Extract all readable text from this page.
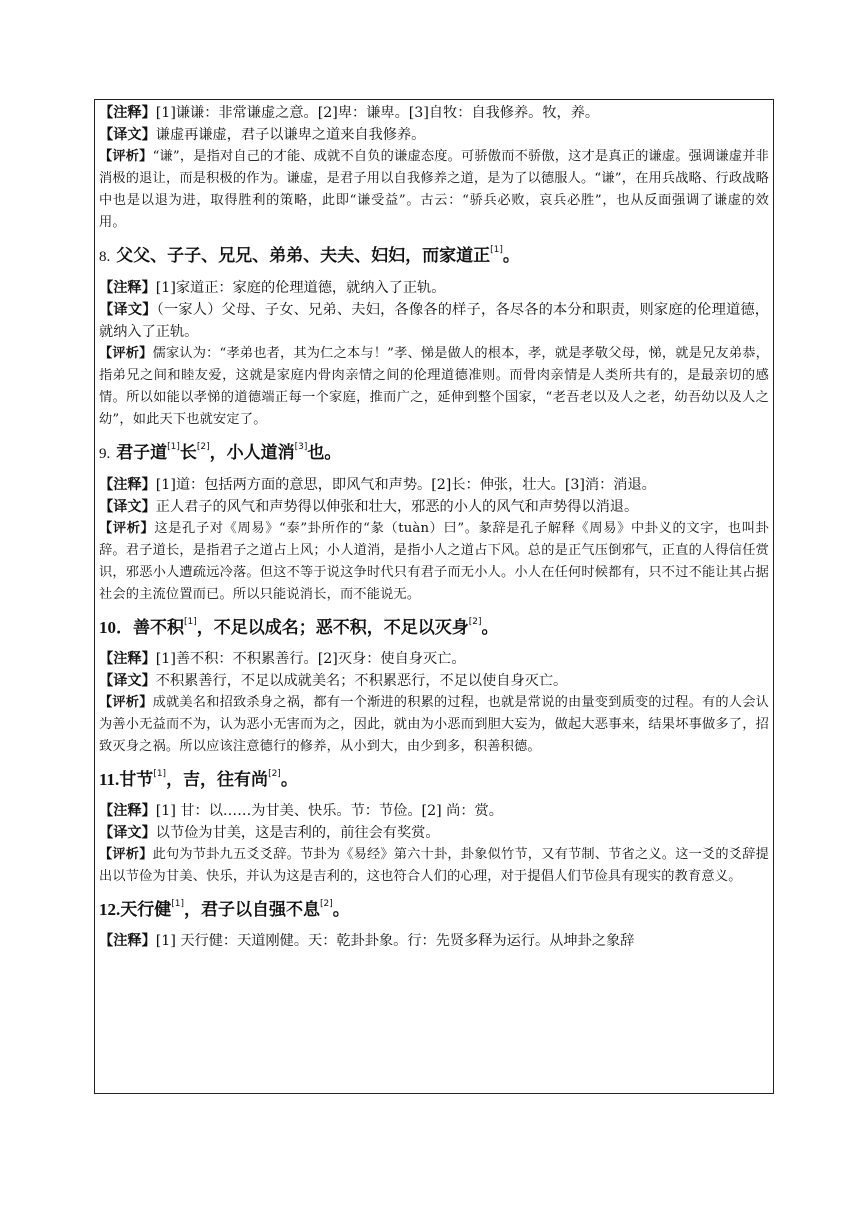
【注释】[1]谦谦：非常谦虚之意。[2]卑：谦卑。[3]自牧：自我修养。牧，养。

【译文】谦虚再谦虚，君子以谦卑之道来自我修养。

【评析】“谦”，是指对自己的才能、成就不自负的谦虚态度。可骄傲而不骄傲，这才是真正的谦虚。强调谦虚并非消极的退让，而是积极的作为。谦虚，是君子用以自我修养之道，是为了以德服人。“谦”，在用兵战略、行政战略中也是以退为进，取得胜利的策略，此即“谦受益”。古云：“骄兵必败，哀兵必胜”，也从反面强调了谦虚的效用。

8. 父父、子子、兄兄、弟弟、夫夫、妇妇，而家道正[1]。

【注释】[1]家道正：家庭的伦理道德，就纳入了正轨。

【译文】（一家人）父母、子女、兄弟、夫妇，各像各的样子，各尽各的本分和职责，则家庭的伦理道德，就纳入了正轨。

【评析】儒家认为：“孝弟也者，其为仁之本与！”孝、悌是做人的根本，孝，就是孝敬父母，悌，就是兄友弟恭，指弟兄之间和睦友爱，这就是家庭内骨肉亲情之间的伦理道德准则。而骨肉亲情是人类所共有的，是最亲切的感情。所以如能以孝悌的道德端正每一个家庭，推而广之，延伸到整个国家，“老吾老以及人之老，幼吾幼以及人之幼”，如此天下也就安定了。

9. 君子道[1]长[2]，小人道消[3]也。

【注释】[1]道：包括两方面的意思，即风气和声势。[2]长：伸张，壮大。[3]消：消退。

【译文】正人君子的风气和声势得以伸张和壮大，邪恶的小人的风气和声势得以消退。

【评析】这是孔子对《周易》“泰”卦所作的“彖（tuàn）曰”。彖辞是孔子解释《周易》中卦义的文字，也叫卦辞。君子道长，是指君子之道占上风；小人道消，是指小人之道占下风。总的是正气压倒邪气，正直的人得信任赏识，邪恶小人遭疏远冷落。但这不等于说这争时代只有君子而无小人。小人在任何时候都有，只不过不能让其占据社会的主流位置而已。所以只能说消长，而不能说无。

10．善不积[1]，不足以成名；恶不积，不足以灭身[2]。

【注释】[1]善不积：不积累善行。[2]灭身：使自身灭亡。

【译文】不积累善行，不足以成就美名；不积累恶行，不足以使自身灭亡。

【评析】成就美名和招致杀身之祸，都有一个渐进的积累的过程，也就是常说的由量变到质变的过程。有的人会认为善小无益而不为，认为恶小无害而为之，因此，就由为小恶而到胆大妄为，做起大恶事来，结果坏事做多了，招致灭身之祸。所以应该注意德行的修养，从小到大，由少到多，积善积德。

11.甘节[1]，吉，往有尚[2]。

【注释】[1] 甘：以……为甘美、快乐。节：节俭。[2] 尚：赏。

【译文】以节俭为甘美，这是吉利的，前往会有奖赏。

【评析】此句为节卦九五爻爻辞。节卦为《易经》第六十卦，卦象似竹节，又有节制、节省之义。这一爻的爻辞提出以节俭为甘美、快乐，并认为这是吉利的，这也符合人们的心理，对于提倡人们节俭具有现实的教育意义。

12.天行健[1]，君子以自强不息[2]。

【注释】[1] 天行健：天道刚健。天：乾卦卦象。行：先贤多释为运行。从坤卦之象辞
